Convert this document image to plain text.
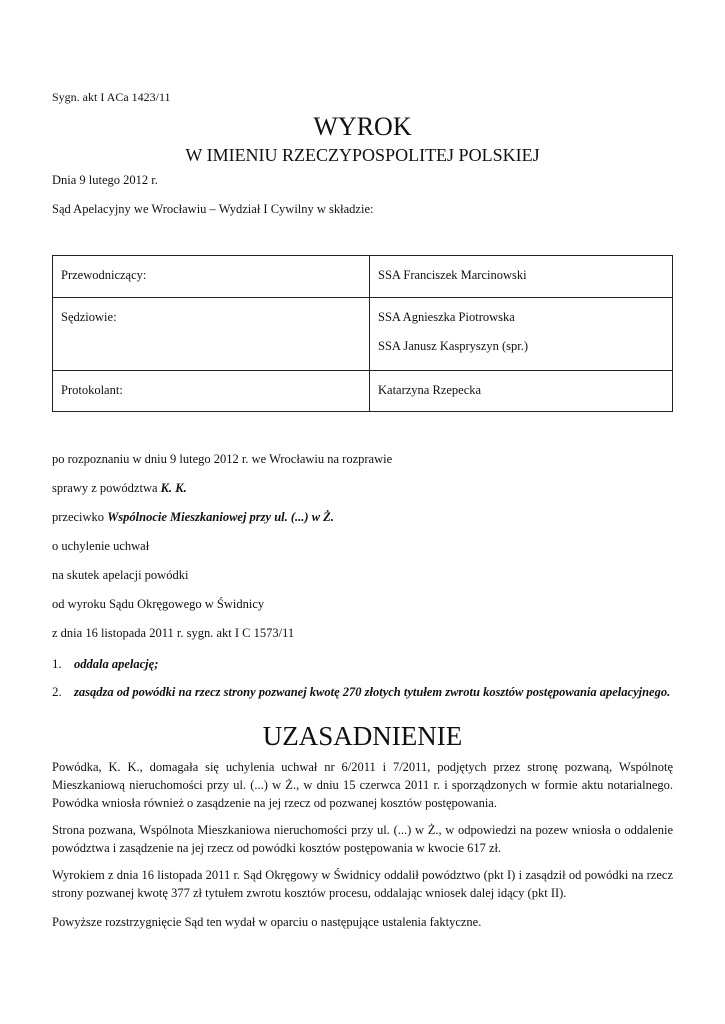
Sygn. akt I ACa 1423/11
WYROK
W IMIENIU RZECZYPOSPOLITEJ POLSKIEJ
Dnia 9 lutego 2012 r.
Sąd Apelacyjny we Wrocławiu – Wydział I Cywilny w składzie:
Przewodniczący:	SSA Franciszek Marcinowski

Sędziowie:	SSA Agnieszka Piotrowska
SSA Janusz Kaspryszyn (spr.)

Protokolant:	Katarzyna Rzepecka
po rozpoznaniu w dniu 9 lutego 2012 r. we Wrocławiu na rozprawie
sprawy z powództwa K. K.
przeciwko Wspólnocie Mieszkaniowej przy ul. (...) w Ż.
o uchylenie uchwał
na skutek apelacji powódki
od wyroku Sądu Okręgowego w Świdnicy
z dnia 16 listopada 2011 r. sygn. akt I C 1573/11
1. oddala apelację;
2. zasądza od powódki na rzecz strony pozwanej kwotę 270 złotych tytułem zwrotu kosztów postępowania apelacyjnego.
UZASADNIENIE
Powódka, K. K., domagała się uchylenia uchwał nr 6/2011 i 7/2011, podjętych przez stronę pozwaną, Wspólnotę Mieszkaniową nieruchomości przy ul. (...) w Ż., w dniu 15 czerwca 2011 r. i sporządzonych w formie aktu notarialnego. Powódka wniosła również o zasądzenie na jej rzecz od pozwanej kosztów postępowania.
Strona pozwana, Wspólnota Mieszkaniowa nieruchomości przy ul. (...) w Ż., w odpowiedzi na pozew wniosła o oddalenie powództwa i zasądzenie na jej rzecz od powódki kosztów postępowania w kwocie 617 zł.
Wyrokiem z dnia 16 listopada 2011 r. Sąd Okręgowy w Świdnicy oddalił powództwo (pkt I) i zasądził od powódki na rzecz strony pozwanej kwotę 377 zł tytułem zwrotu kosztów procesu, oddalając wniosek dalej idący (pkt II).
Powyższe rozstrzygnięcie Sąd ten wydał w oparciu o następujące ustalenia faktyczne.
